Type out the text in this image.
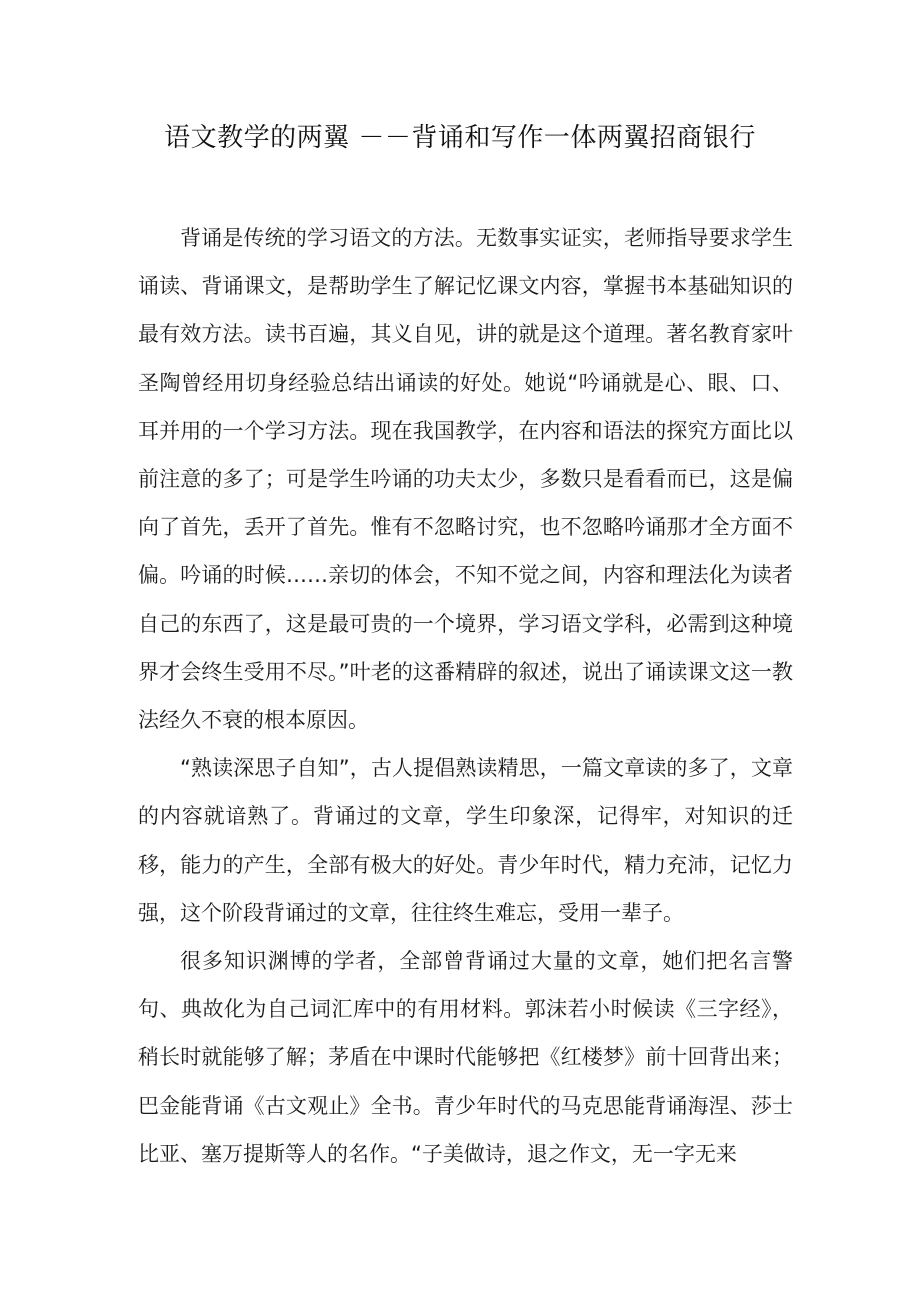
语文教学的两翼 －－背诵和写作一体两翼招商银行

背诵是传统的学习语文的方法。无数事实证实，老师指导要求学生诵读、背诵课文，是帮助学生了解记忆课文内容，掌握书本基础知识的最有效方法。读书百遍，其义自见，讲的就是这个道理。著名教育家叶圣陶曾经用切身经验总结出诵读的好处。她说“吟诵就是心、眼、口、耳并用的一个学习方法。现在我国教学，在内容和语法的探究方面比以前注意的多了；可是学生吟诵的功夫太少，多数只是看看而已，这是偏向了首先，丢开了首先。惟有不忽略讨究，也不忽略吟诵那才全方面不偏。吟诵的时候……亲切的体会，不知不觉之间，内容和理法化为读者自己的东西了，这是最可贵的一个境界，学习语文学科，必需到这种境界才会终生受用不尽。”叶老的这番精辟的叙述，说出了诵读课文这一教法经久不衰的根本原因。

“熟读深思子自知”，古人提倡熟读精思，一篇文章读的多了，文章的内容就谙熟了。背诵过的文章，学生印象深，记得牢，对知识的迁移，能力的产生，全部有极大的好处。青少年时代，精力充沛，记忆力强，这个阶段背诵过的文章，往往终生难忘，受用一辈子。

很多知识渊博的学者，全部曾背诵过大量的文章，她们把名言警句、典故化为自己词汇库中的有用材料。郭沫若小时候读《三字经》，稍长时就能够了解；茅盾在中课时代能够把《红楼梦》前十回背出来；巴金能背诵《古文观止》全书。青少年时代的马克思能背诵海涅、莎士比亚、塞万提斯等人的名作。“子美做诗，退之作文，无一字无来
